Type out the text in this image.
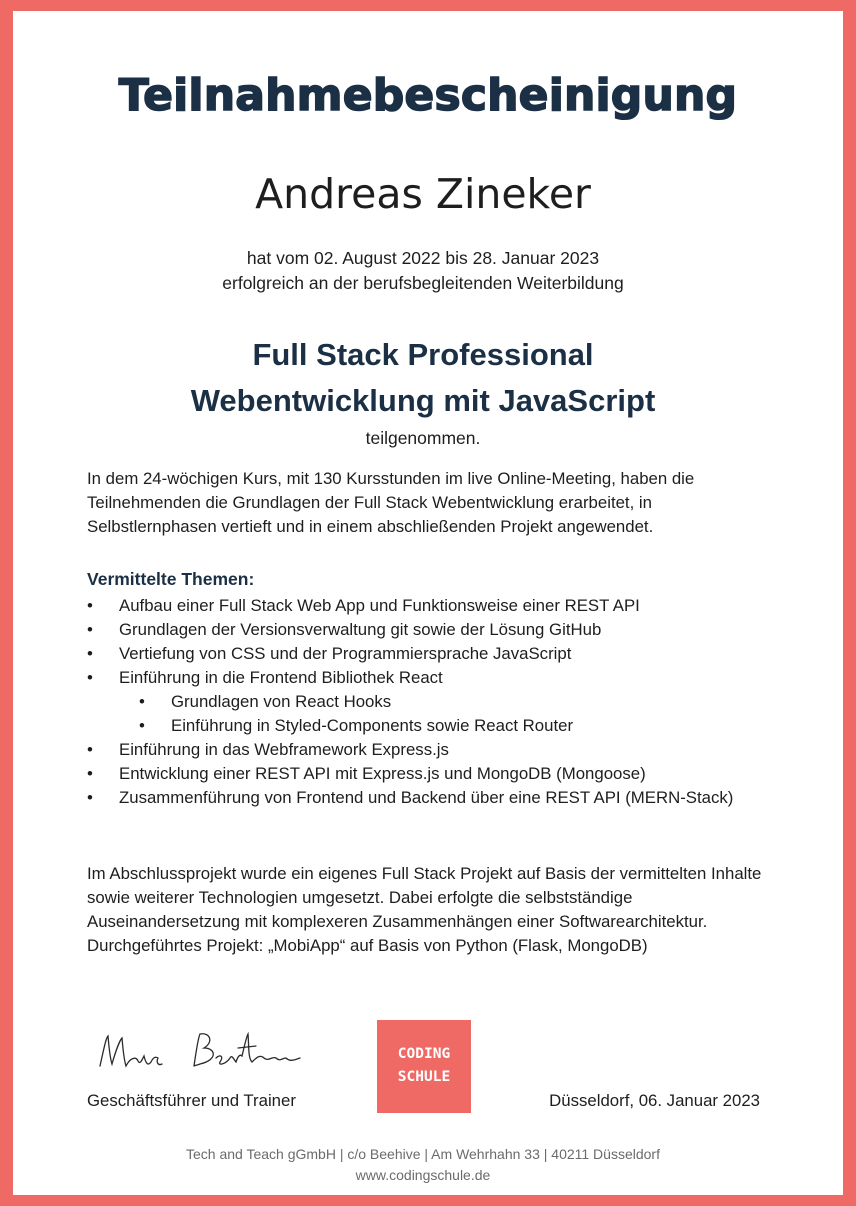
Teilnahmebescheinigung
Andreas Zineker
hat vom 02. August 2022 bis 28. Januar 2023
erfolgreich an der berufsbegleitenden Weiterbildung
Full Stack Professional
Webentwicklung mit JavaScript
teilgenommen.

In dem 24-wöchigen Kurs, mit 130 Kursstunden im live Online-Meeting, haben die Teilnehmenden die Grundlagen der Full Stack Webentwicklung erarbeitet, in Selbstlernphasen vertieft und in einem abschließenden Projekt angewendet.

Vermittelte Themen:
• Aufbau einer Full Stack Web App und Funktionsweise einer REST API
• Grundlagen der Versionsverwaltung git sowie der Lösung GitHub
• Vertiefung von CSS und der Programmiersprache JavaScript
• Einführung in die Frontend Bibliothek React
• Grundlagen von React Hooks
• Einführung in Styled-Components sowie React Router
• Einführung in das Webframework Express.js
• Entwicklung einer REST API mit Express.js und MongoDB (Mongoose)
• Zusammenführung von Frontend und Backend über eine REST API (MERN-Stack)
Im Abschlussprojekt wurde ein eigenes Full Stack Projekt auf Basis der vermittelten Inhalte sowie weiterer Technologien umgesetzt. Dabei erfolgte die selbstständige Auseinandersetzung mit komplexeren Zusammenhängen einer Softwarearchitektur.
Durchgeführtes Projekt: „MobiApp“ auf Basis von Python (Flask, MongoDB)
Geschäftsführer und Trainer
CODING
SCHULE
Düsseldorf, 06. Januar 2023
Tech and Teach gGmbH | c/o Beehive | Am Wehrhahn 33 | 40211 Düsseldorf
www.codingschule.de
